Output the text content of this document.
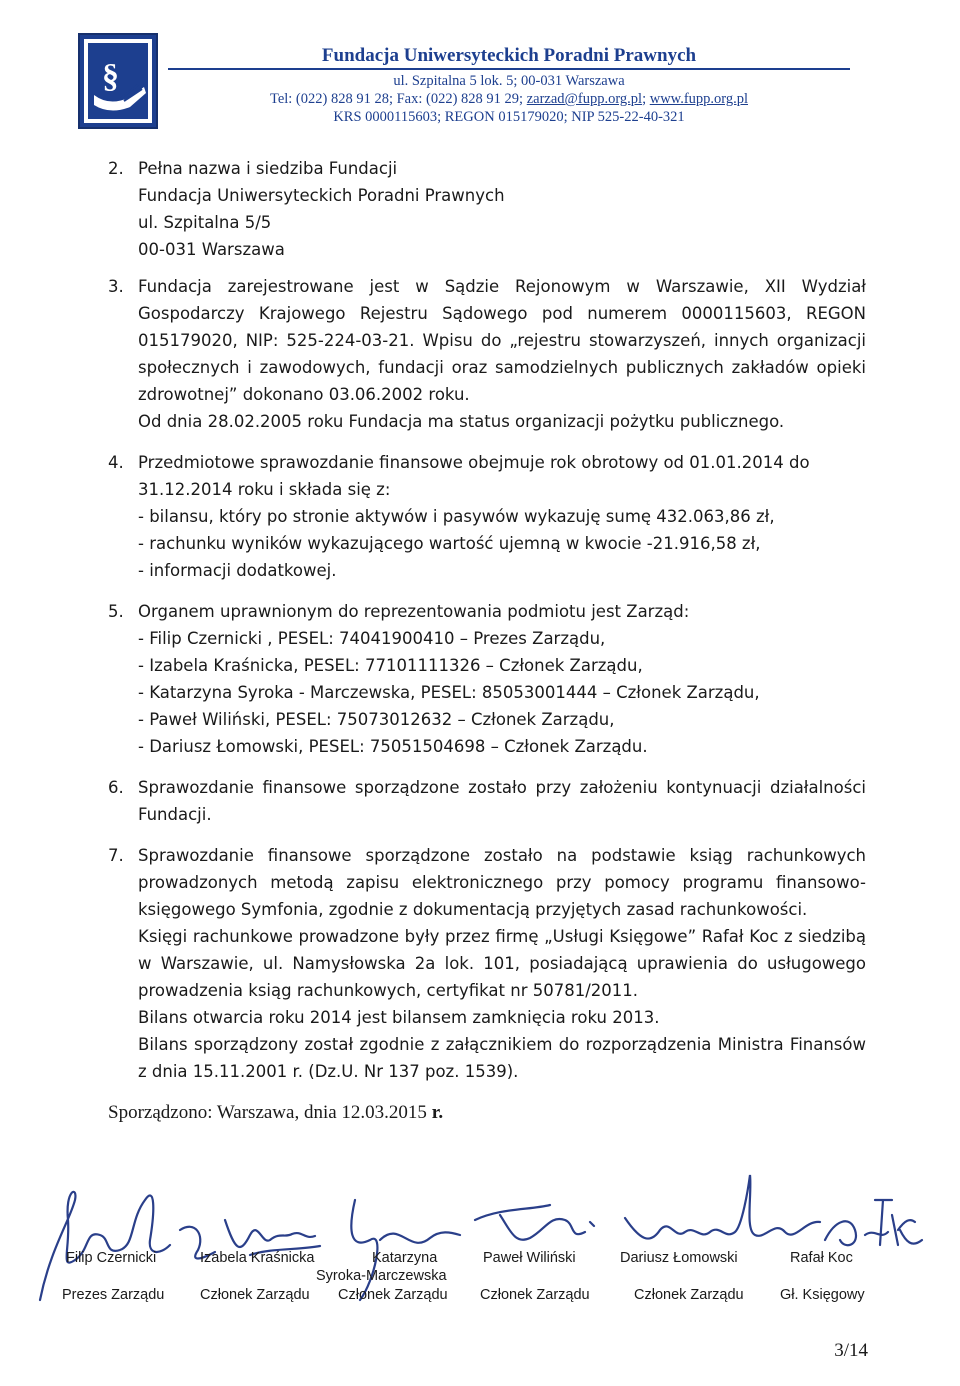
§
Fundacja Uniwersyteckich Poradni Prawnych
ul. Szpitalna 5 lok. 5; 00-031 Warszawa
Tel: (022) 828 91 28; Fax: (022) 828 91 29; zarzad@fupp.org.pl; www.fupp.org.pl
KRS 0000115603; REGON 015179020; NIP 525-22-40-321
2. Pełna nazwa i siedziba Fundacji

Fundacja Uniwersyteckich Poradni Prawnych

ul. Szpitalna 5/5

00-031 Warszawa

3. Fundacja zarejestrowane jest w Sądzie Rejonowym w Warszawie, XII Wydział Gospodarczy Krajowego Rejestru Sądowego pod numerem 0000115603, REGON 015179020, NIP: 525-224-03-21. Wpisu do „rejestru stowarzyszeń, innych organizacji społecznych i zawodowych, fundacji oraz samodzielnych publicznych zakładów opieki zdrowotnej” dokonano 03.06.2002 roku.

Od dnia 28.02.2005 roku Fundacja ma status organizacji pożytku publicznego.

4. Przedmiotowe sprawozdanie finansowe obejmuje rok obrotowy od 01.01.2014 do 31.12.2014 roku i składa się z:

- bilansu, który po stronie aktywów i pasywów wykazuję sumę 432.063,86 zł,

- rachunku wyników wykazującego wartość ujemną w kwocie -21.916,58 zł,

- informacji dodatkowej.

5. Organem uprawnionym do reprezentowania podmiotu jest Zarząd:

- Filip Czernicki , PESEL: 74041900410 – Prezes Zarządu,

- Izabela Kraśnicka, PESEL: 77101111326 – Członek Zarządu,

- Katarzyna Syroka - Marczewska, PESEL: 85053001444 – Członek Zarządu,

- Paweł Wiliński, PESEL: 75073012632 – Członek Zarządu,

- Dariusz Łomowski, PESEL: 75051504698 – Członek Zarządu.

6. Sprawozdanie finansowe sporządzone zostało przy założeniu kontynuacji działalności Fundacji.

7. Sprawozdanie finansowe sporządzone zostało na podstawie ksiąg rachunkowych prowadzonych metodą zapisu elektronicznego przy pomocy programu finansowo-księgowego Symfonia, zgodnie z dokumentacją przyjętych zasad rachunkowości.

Księgi rachunkowe prowadzone były przez firmę „Usługi Księgowe” Rafał Koc z siedzibą w Warszawie, ul. Namysłowska 2a lok. 101, posiadającą uprawienia do usługowego prowadzenia ksiąg rachunkowych, certyfikat nr 50781/2011.

Bilans otwarcia roku 2014 jest bilansem zamknięcia roku 2013.

Bilans sporządzony został zgodnie z załącznikiem do rozporządzenia Ministra Finansów z dnia 15.11.2001 r. (Dz.U. Nr 137 poz. 1539).

Sporządzono: Warszawa, dnia 12.03.2015 r.
Filip Czernicki
Prezes Zarządu
Izabela Kraśnicka
Członek Zarządu
Katarzyna
Syroka-Marczewska
Członek Zarządu
Paweł Wiliński
Członek Zarządu
Dariusz Łomowski
Członek Zarządu
Rafał Koc
Gł. Księgowy
3/14
